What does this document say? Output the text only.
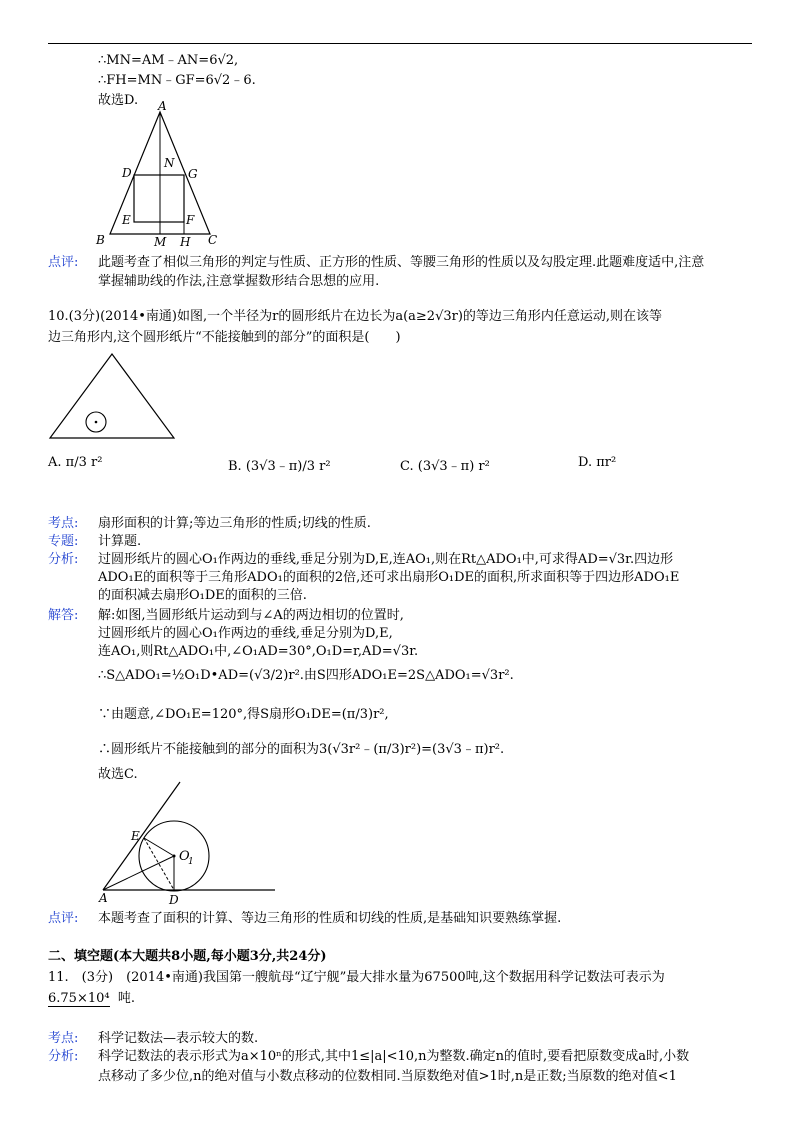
∴MN=AM﹣AN=6√2,
∴FH=MN﹣GF=6√2﹣6.
故选D. A
D
N
G
E	F
B	M H C
点评: 此题考查了相似三角形的判定与性质、正方形的性质、等腰三角形的性质以及勾股定理.此题难度适中,注意
掌握辅助线的作法,注意掌握数形结合思想的应用.
10.(3分)(2014•南通)如图,一个半径为r的圆形纸片在边长为a(a≥2√3r)的等边三角形内任意运动,则在该等
边三角形内,这个圆形纸片“不能接触到的部分”的面积是(　　)
A. π/3 r²	B. (3√3﹣π)/3 r²	C. (3√3﹣π) r²	D. πr²
考点: 扇形面积的计算;等边三角形的性质;切线的性质.
专题: 计算题.
分析: 过圆形纸片的圆心O₁作两边的垂线,垂足分别为D,E,连AO₁,则在Rt△ADO₁中,可求得AD=√3r.四边形
ADO₁E的面积等于三角形ADO₁的面积的2倍,还可求出扇形O₁DE的面积,所求面积等于四边形ADO₁E
的面积减去扇形O₁DE的面积的三倍.
解答: 解:如图,当圆形纸片运动到与∠A的两边相切的位置时,
过圆形纸片的圆心O₁作两边的垂线,垂足分别为D,E,
连AO₁,则Rt△ADO₁中,∠O₁AD=30°,O₁D=r,AD=√3r.
∴S△ADO₁=½O₁D•AD=(√3/2)r².由S四形ADO₁E=2S△ADO₁=√3r².
∵由题意,∠DO₁E=120°,得S扇形O₁DE=(π/3)r²,
∴圆形纸片不能接触到的部分的面积为3(√3r²﹣(π/3)r²)=(3√3﹣π)r².
故选C.
E
O
1
A	D
点评: 本题考查了面积的计算、等边三角形的性质和切线的性质,是基础知识要熟练掌握.
二、填空题(本大题共8小题,每小题3分,共24分)
11.　(3分)　(2014•南通)我国第一艘航母“辽宁舰”最大排水量为67500吨,这个数据用科学记数法可表示为
6.75×10⁴ 吨.
考点: 科学记数法—表示较大的数.
分析: 科学记数法的表示形式为a×10ⁿ的形式,其中1≤|a|<10,n为整数.确定n的值时,要看把原数变成a时,小数
点移动了多少位,n的绝对值与小数点移动的位数相同.当原数绝对值>1时,n是正数;当原数的绝对值<1
